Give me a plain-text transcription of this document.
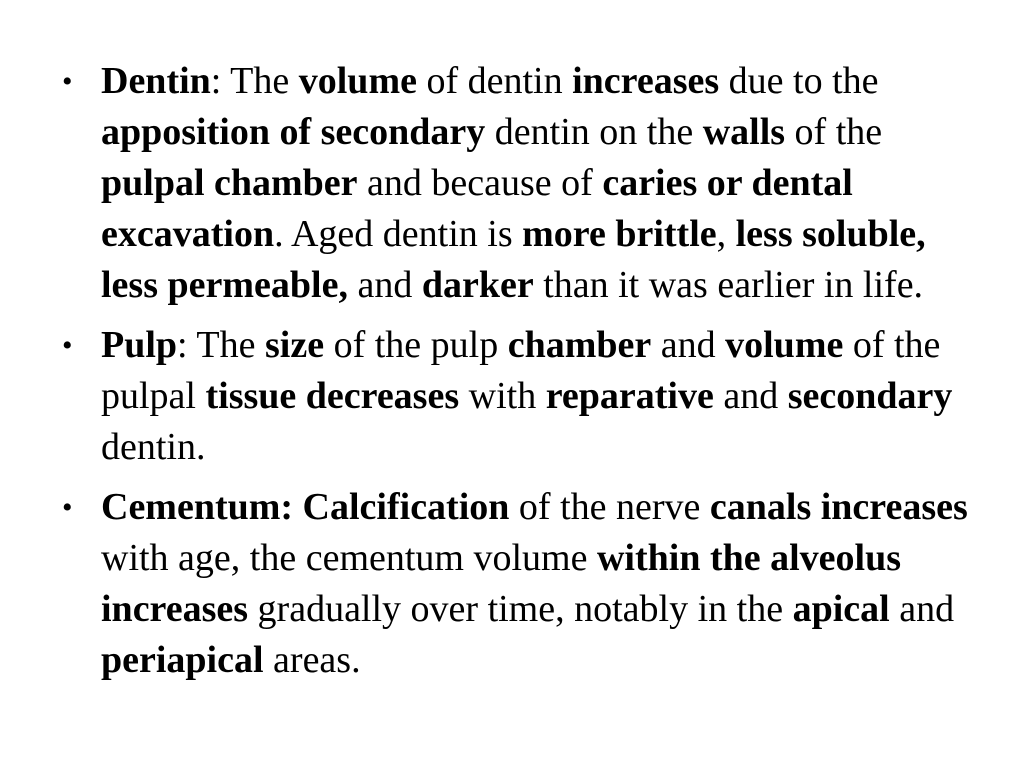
• Dentin: The volume of dentin increases due to the apposition of secondary dentin on the walls of the pulpal chamber and because of caries or dental excavation. Aged dentin is more brittle, less soluble, less permeable, and darker than it was earlier in life.
• Pulp: The size of the pulp chamber and volume of the pulpal tissue decreases with reparative and secondary dentin.
• Cementum: Calcification of the nerve canals increases with age, the cementum volume within the alveolus increases gradually over time, notably in the apical and periapical areas.
